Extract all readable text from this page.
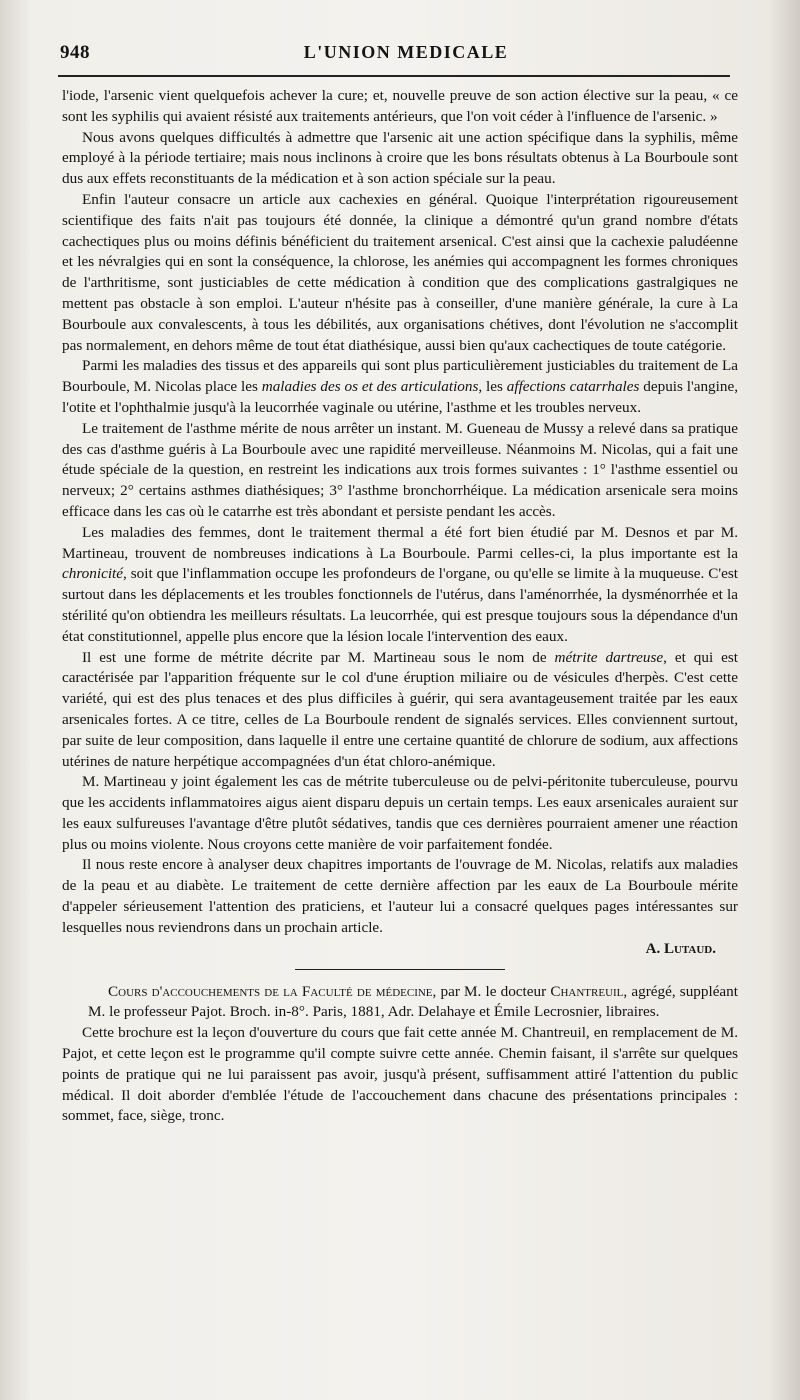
948	L'UNION MEDICALE

l'iode, l'arsenic vient quelquefois achever la cure; et, nouvelle preuve de son action élective sur la peau, « ce sont les syphilis qui avaient résisté aux traitements antérieurs, que l'on voit céder à l'influence de l'arsenic. »

Nous avons quelques difficultés à admettre que l'arsenic ait une action spécifique dans la syphilis, même employé à la période tertiaire; mais nous inclinons à croire que les bons résultats obtenus à La Bourboule sont dus aux effets reconstituants de la médication et à son action spéciale sur la peau.

Enfin l'auteur consacre un article aux cachexies en général. Quoique l'interprétation rigoureusement scientifique des faits n'ait pas toujours été donnée, la clinique a démontré qu'un grand nombre d'états cachectiques plus ou moins définis bénéficient du traitement arsenical. C'est ainsi que la cachexie paludéenne et les névralgies qui en sont la conséquence, la chlorose, les anémies qui accompagnent les formes chroniques de l'arthritisme, sont justiciables de cette médication à condition que des complications gastralgiques ne mettent pas obstacle à son emploi. L'auteur n'hésite pas à conseiller, d'une manière générale, la cure à La Bourboule aux convalescents, à tous les débilités, aux organisations chétives, dont l'évolution ne s'accomplit pas normalement, en dehors même de tout état diathésique, aussi bien qu'aux cachectiques de toute catégorie.

Parmi les maladies des tissus et des appareils qui sont plus particulièrement justiciables du traitement de La Bourboule, M. Nicolas place les maladies des os et des articulations, les affections catarrhales depuis l'angine, l'otite et l'ophthalmie jusqu'à la leucorrhée vaginale ou utérine, l'asthme et les troubles nerveux.

Le traitement de l'asthme mérite de nous arrêter un instant. M. Gueneau de Mussy a relevé dans sa pratique des cas d'asthme guéris à La Bourboule avec une rapidité merveilleuse. Néanmoins M. Nicolas, qui a fait une étude spéciale de la question, en restreint les indications aux trois formes suivantes : 1° l'asthme essentiel ou nerveux; 2° certains asthmes diathésiques; 3° l'asthme bronchorrhéique. La médication arsenicale sera moins efficace dans les cas où le catarrhe est très abondant et persiste pendant les accès.

Les maladies des femmes, dont le traitement thermal a été fort bien étudié par M. Desnos et par M. Martineau, trouvent de nombreuses indications à La Bourboule. Parmi celles-ci, la plus importante est la chronicité, soit que l'inflammation occupe les profondeurs de l'organe, ou qu'elle se limite à la muqueuse. C'est surtout dans les déplacements et les troubles fonctionnels de l'utérus, dans l'aménorrhée, la dysménorrhée et la stérilité qu'on obtiendra les meilleurs résultats. La leucorrhée, qui est presque toujours sous la dépendance d'un état constitutionnel, appelle plus encore que la lésion locale l'intervention des eaux.

Il est une forme de métrite décrite par M. Martineau sous le nom de métrite dartreuse, et qui est caractérisée par l'apparition fréquente sur le col d'une éruption miliaire ou de vésicules d'herpès. C'est cette variété, qui est des plus tenaces et des plus difficiles à guérir, qui sera avantageusement traitée par les eaux arsenicales fortes. A ce titre, celles de La Bourboule rendent de signalés services. Elles conviennent surtout, par suite de leur composition, dans laquelle il entre une certaine quantité de chlorure de sodium, aux affections utérines de nature herpétique accompagnées d'un état chloro-anémique.

M. Martineau y joint également les cas de métrite tuberculeuse ou de pelvi-péritonite tuberculeuse, pourvu que les accidents inflammatoires aigus aient disparu depuis un certain temps. Les eaux arsenicales auraient sur les eaux sulfureuses l'avantage d'être plutôt sédatives, tandis que ces dernières pourraient amener une réaction plus ou moins violente. Nous croyons cette manière de voir parfaitement fondée.

Il nous reste encore à analyser deux chapitres importants de l'ouvrage de M. Nicolas, relatifs aux maladies de la peau et au diabète. Le traitement de cette dernière affection par les eaux de La Bourboule mérite d'appeler sérieusement l'attention des praticiens, et l'auteur lui a consacré quelques pages intéressantes sur lesquelles nous reviendrons dans un prochain article.

A. Lutaud.

Cours d'accouchements de la Faculté de médecine, par M. le docteur Chantreuil, agrégé, suppléant M. le professeur Pajot. Broch. in-8°. Paris, 1881, Adr. Delahaye et Émile Lecrosnier, libraires.

Cette brochure est la leçon d'ouverture du cours que fait cette année M. Chantreuil, en remplacement de M. Pajot, et cette leçon est le programme qu'il compte suivre cette année. Chemin faisant, il s'arrête sur quelques points de pratique qui ne lui paraissent pas avoir, jusqu'à présent, suffisamment attiré l'attention du public médical. Il doit aborder d'emblée l'étude de l'accouchement dans chacune des présentations principales : sommet, face, siège, tronc.
